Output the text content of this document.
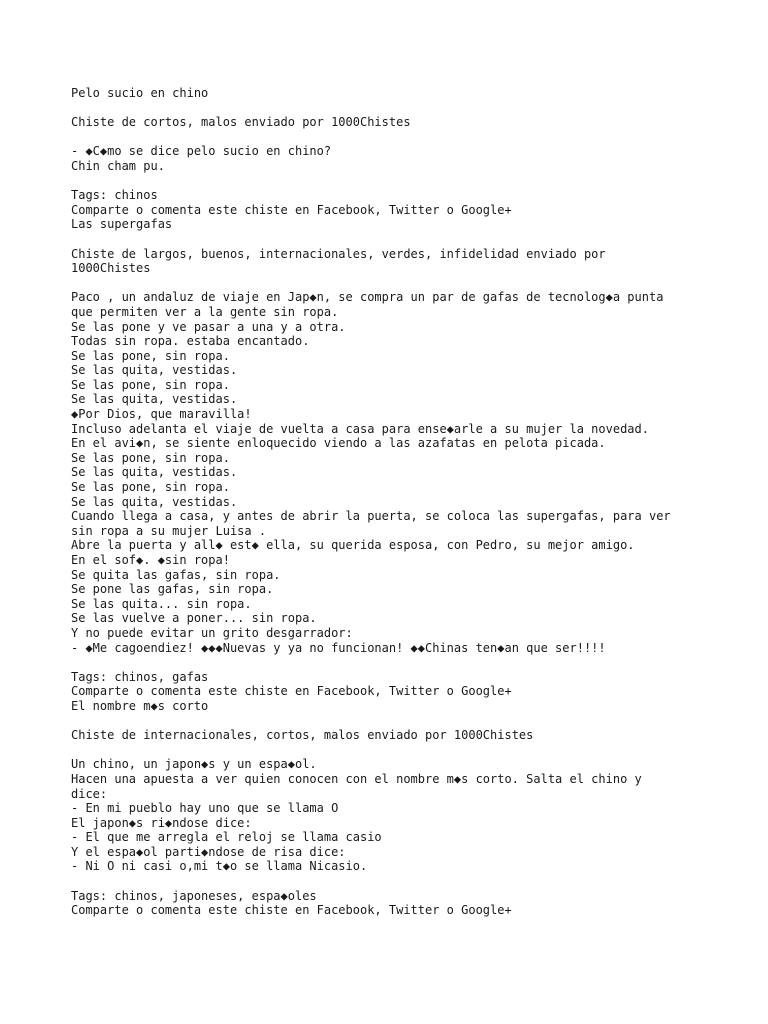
Pelo sucio en chino
Chiste de cortos, malos enviado por 1000Chistes
- ◆C◆mo se dice pelo sucio en chino?
Chin cham pu.
Tags: chinos
Comparte o comenta este chiste en Facebook, Twitter o Google+
Las supergafas
Chiste de largos, buenos, internacionales, verdes, infidelidad enviado por
1000Chistes
Paco , un andaluz de viaje en Jap◆n, se compra un par de gafas de tecnolog◆a punta
que permiten ver a la gente sin ropa.
Se las pone y ve pasar a una y a otra.
Todas sin ropa. estaba encantado.
Se las pone, sin ropa.
Se las quita, vestidas.
Se las pone, sin ropa.
Se las quita, vestidas.
◆Por Dios, que maravilla!
Incluso adelanta el viaje de vuelta a casa para ense◆arle a su mujer la novedad.
En el avi◆n, se siente enloquecido viendo a las azafatas en pelota picada.
Se las pone, sin ropa.
Se las quita, vestidas.
Se las pone, sin ropa.
Se las quita, vestidas.
Cuando llega a casa, y antes de abrir la puerta, se coloca las supergafas, para ver
sin ropa a su mujer Luisa .
Abre la puerta y all◆ est◆ ella, su querida esposa, con Pedro, su mejor amigo.
En el sof◆. ◆sin ropa!
Se quita las gafas, sin ropa.
Se pone las gafas, sin ropa.
Se las quita... sin ropa.
Se las vuelve a poner... sin ropa.
Y no puede evitar un grito desgarrador:
- ◆Me cagoendiez! ◆◆◆Nuevas y ya no funcionan! ◆◆Chinas ten◆an que ser!!!!
Tags: chinos, gafas
Comparte o comenta este chiste en Facebook, Twitter o Google+
El nombre m◆s corto
Chiste de internacionales, cortos, malos enviado por 1000Chistes
Un chino, un japon◆s y un espa◆ol.
Hacen una apuesta a ver quien conocen con el nombre m◆s corto. Salta el chino y
dice:
- En mi pueblo hay uno que se llama O
El japon◆s ri◆ndose dice:
- El que me arregla el reloj se llama casio
Y el espa◆ol parti◆ndose de risa dice:
- Ni O ni casi o,mi t◆o se llama Nicasio.
Tags: chinos, japoneses, espa◆oles
Comparte o comenta este chiste en Facebook, Twitter o Google+
